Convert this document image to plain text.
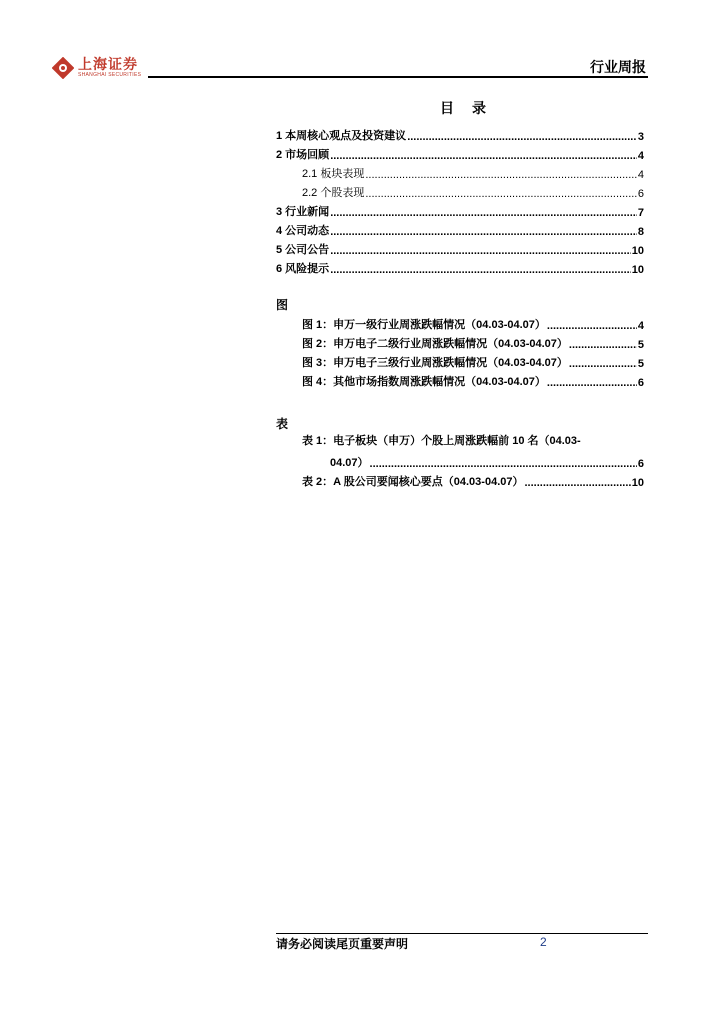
上海证券
SHANGHAI SECURITIES	行业周报
目录
1 本周核心观点及投资建议 .....	3
2 市场回顾 .....	4
2.1 板块表现 .....	4
2.2 个股表现 .....	6
3 行业新闻 .....	7
4 公司动态 .....	8
5 公司公告 .....	10
6 风险提示 .....	10
图
图 1：申万一级行业周涨跌幅情况（04.03-04.07） .....	4
图 2：申万电子二级行业周涨跌幅情况（04.03-04.07） .....	5
图 3：申万电子三级行业周涨跌幅情况（04.03-04.07） .....	5
图 4：其他市场指数周涨跌幅情况（04.03-04.07） .....	6
表
表 1：电子板块（申万）个股上周涨跌幅前 10 名（04.03-
04.07） .....	6
表 2：A 股公司要闻核心要点（04.03-04.07） .....	10
请务必阅读尾页重要声明	2
